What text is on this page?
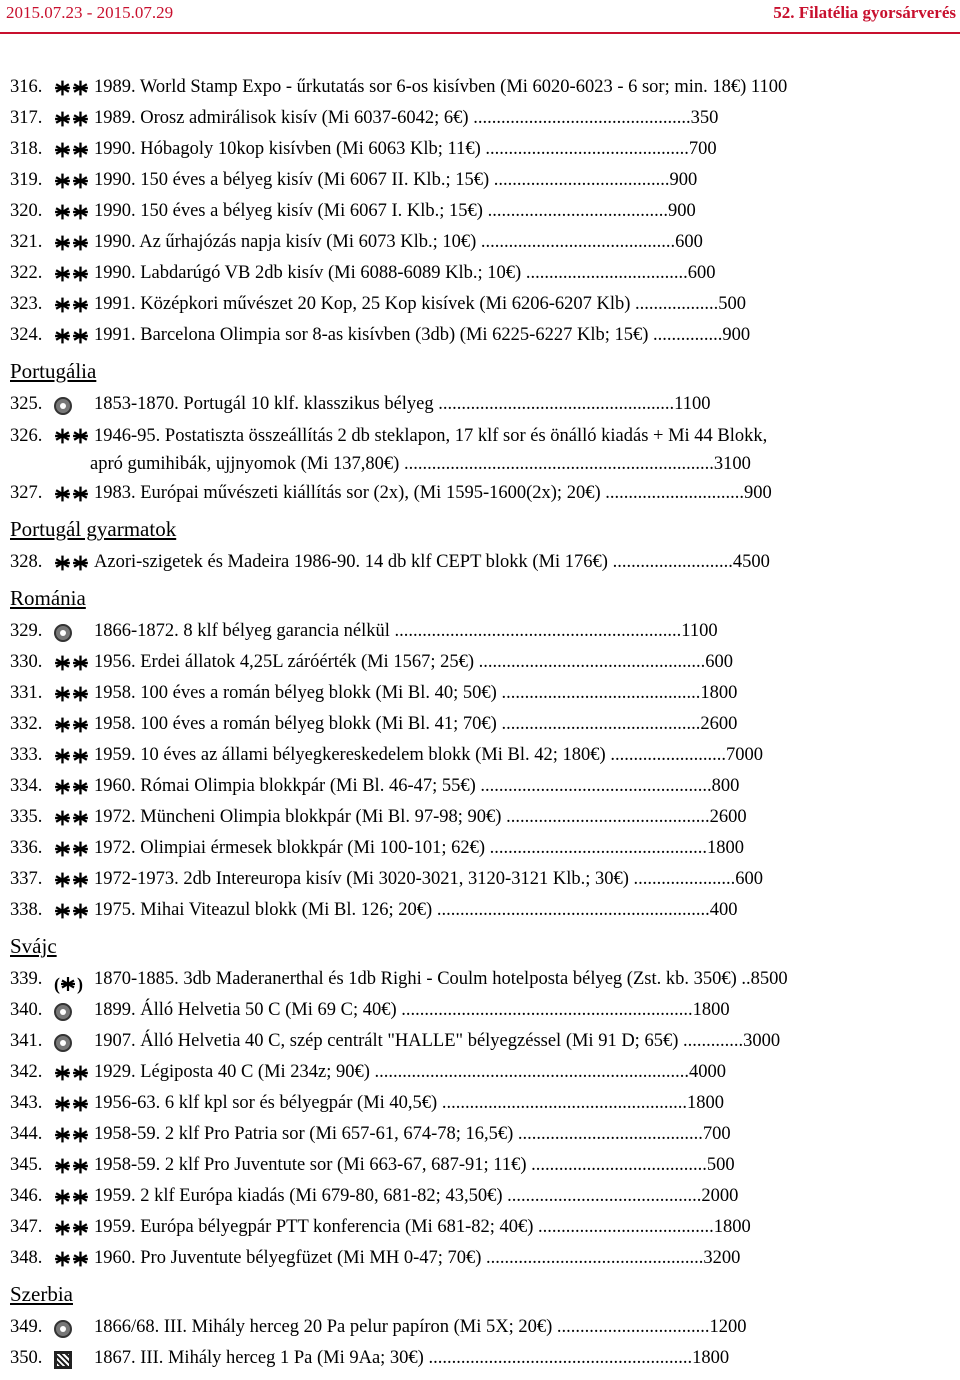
2015.07.23 - 2015.07.29	52. Filatélia gyorsárverés
316.	1989. World Stamp Expo - űrkutatás sor 6-os kisívben (Mi 6020-6023 - 6 sor; min. 18€) 1100
317.	1989. Orosz admirálisok kisív (Mi 6037-6042; 6€) ...............................................350
318.	1990. Hóbagoly 10kop kisívben (Mi 6063 Klb; 11€) ............................................700
319.	1990. 150 éves a bélyeg kisív (Mi 6067 II. Klb.; 15€) ......................................900
320.	1990. 150 éves a bélyeg kisív (Mi 6067 I. Klb.; 15€) .......................................900
321.	1990. Az űrhajózás napja kisív (Mi 6073 Klb.; 10€) ..........................................600
322.	1990. Labdarúgó VB 2db kisív (Mi 6088-6089 Klb.; 10€) ...................................600
323.	1991. Középkori művészet 20 Kop, 25 Kop kisívek (Mi 6206-6207 Klb) ..................500
324.	1991. Barcelona Olimpia sor 8-as kisívben (3db) (Mi 6225-6227 Klb; 15€) ...............900
Portugália
325.	1853-1870. Portugál 10 klf. klasszikus bélyeg ...................................................1100
326.	1946-95. Postatiszta összeállítás 2 db steklapon, 17 klf sor és önálló kiadás + Mi 44 Blokk,
apró gumihibák, ujjnyomok (Mi 137,80€) ...................................................................3100
327.	1983. Európai művészeti kiállítás sor (2x), (Mi 1595-1600(2x); 20€) ..............................900
Portugál gyarmatok
328.	Azori-szigetek és Madeira 1986-90. 14 db klf CEPT blokk (Mi 176€) ..........................4500
Románia
329.	1866-1872. 8 klf bélyeg garancia nélkül ..............................................................1100
330.	1956. Erdei állatok 4,25L záróérték (Mi 1567; 25€) .................................................600
331.	1958. 100 éves a román bélyeg blokk (Mi Bl. 40; 50€) ...........................................1800
332.	1958. 100 éves a román bélyeg blokk (Mi Bl. 41; 70€) ...........................................2600
333.	1959. 10 éves az állami bélyegkereskedelem blokk (Mi Bl. 42; 180€) .........................7000
334.	1960. Római Olimpia blokkpár (Mi Bl. 46-47; 55€) ..................................................800
335.	1972. Müncheni Olimpia blokkpár (Mi Bl. 97-98; 90€) ............................................2600
336.	1972. Olimpiai érmesek blokkpár (Mi 100-101; 62€) ...............................................1800
337.	1972-1973. 2db Intereuropa kisív (Mi 3020-3021, 3120-3121 Klb.; 30€) ......................600
338.	1975. Mihai Viteazul blokk (Mi Bl. 126; 20€) ...........................................................400
Svájc
339. ( ) 1870-1885. 3db Maderanerthal és 1db Righi - Coulm hotelposta bélyeg (Zst. kb. 350€) ..8500
340.	1899. Álló Helvetia 50 C (Mi 69 C; 40€) ...............................................................1800
341.	1907. Álló Helvetia 40 C, szép centrált "HALLE" bélyegzéssel (Mi 91 D; 65€) .............3000
342.	1929. Légiposta 40 C (Mi 234z; 90€) ....................................................................4000
343.	1956-63. 6 klf kpl sor és bélyegpár (Mi 40,5€) .....................................................1800
344.	1958-59. 2 klf Pro Patria sor (Mi 657-61, 674-78; 16,5€) ........................................700
345.	1958-59. 2 klf Pro Juventute sor (Mi 663-67, 687-91; 11€) ......................................500
346.	1959. 2 klf Európa kiadás (Mi 679-80, 681-82; 43,50€) ..........................................2000
347.	1959. Európa bélyegpár PTT konferencia (Mi 681-82; 40€) ......................................1800
348.	1960. Pro Juventute bélyegfüzet (Mi MH 0-47; 70€) ...............................................3200
Szerbia
349.	1866/68. III. Mihály herceg 20 Pa pelur papíron (Mi 5X; 20€) .................................1200
350.	1867. III. Mihály herceg 1 Pa (Mi 9Aa; 30€) .........................................................1800
